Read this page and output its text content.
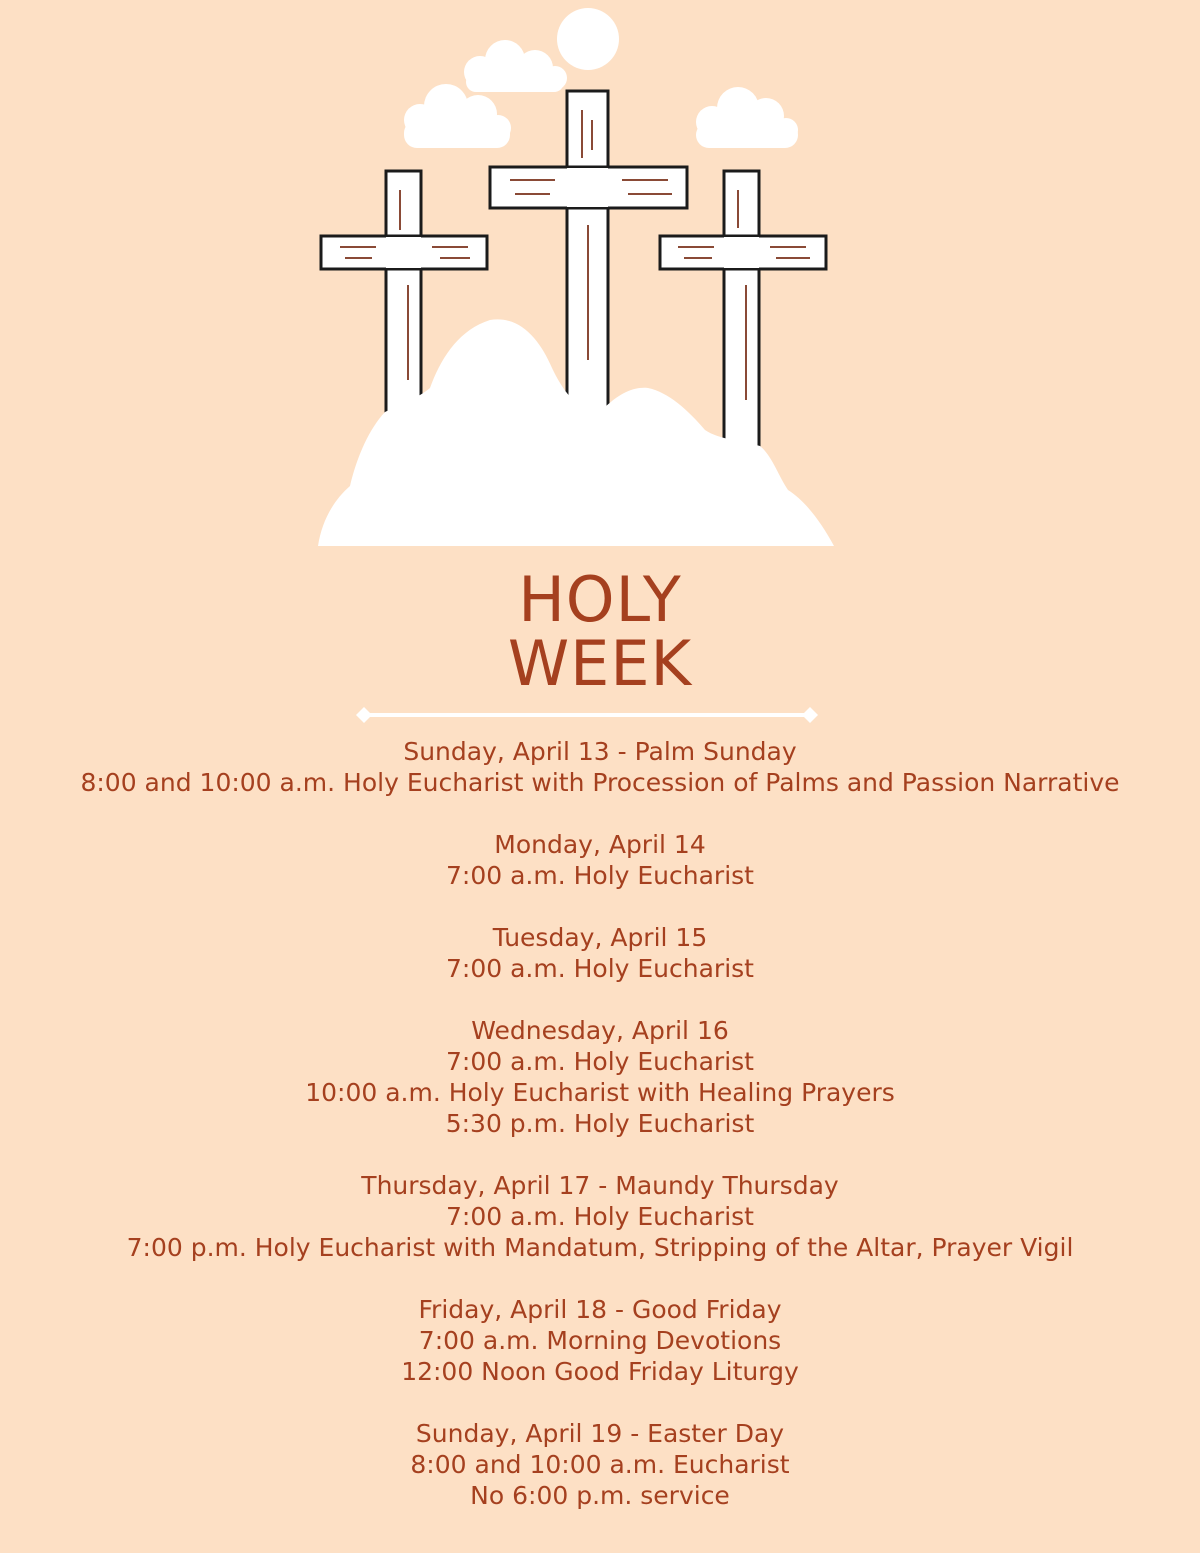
HOLY
WEEK
Sunday, April 13 - Palm Sunday
8:00 and 10:00 a.m. Holy Eucharist with Procession of Palms and Passion Narrative
Monday, April 14
7:00 a.m. Holy Eucharist
Tuesday, April 15
7:00 a.m. Holy Eucharist
Wednesday, April 16
7:00 a.m. Holy Eucharist
10:00 a.m. Holy Eucharist with Healing Prayers
5:30 p.m. Holy Eucharist
Thursday, April 17 - Maundy Thursday
7:00 a.m. Holy Eucharist
7:00 p.m. Holy Eucharist with Mandatum, Stripping of the Altar, Prayer Vigil
Friday, April 18 - Good Friday
7:00 a.m. Morning Devotions
12:00 Noon Good Friday Liturgy
Sunday, April 19 - Easter Day
8:00 and 10:00 a.m. Eucharist
No 6:00 p.m. service
